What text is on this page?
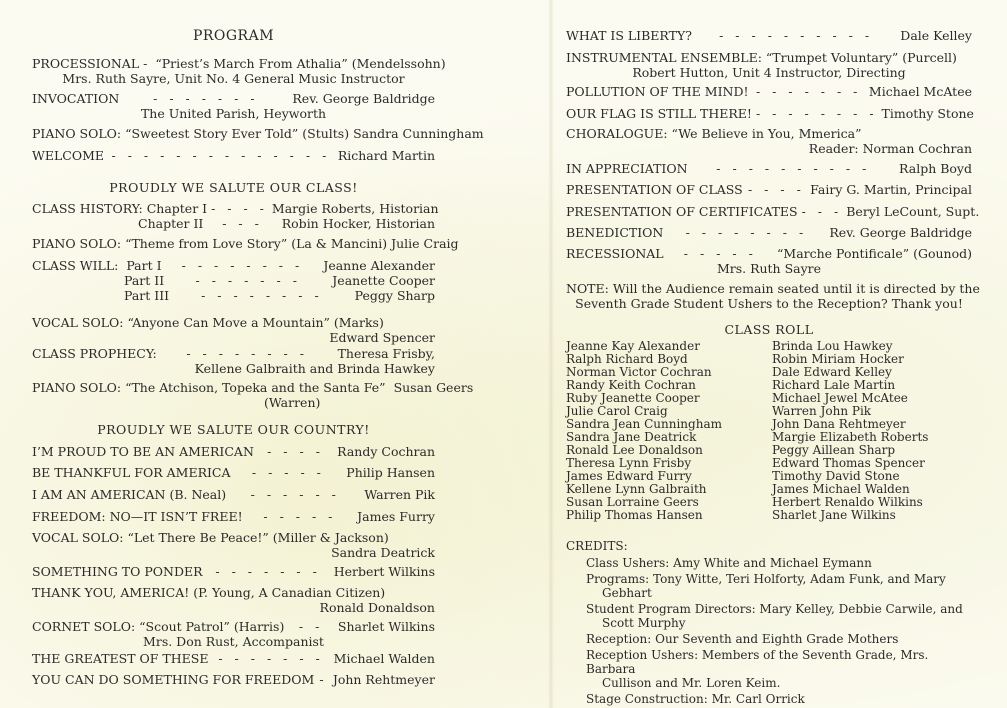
PROGRAM
PROCESSIONAL - “Priest’s March From Athalia” (Mendelssohn)
Mrs. Ruth Sayre, Unit No. 4 General Music Instructor
INVOCATION	- - - - - - -	Rev. George Baldridge
The United Parish, Heyworth
PIANO SOLO: “Sweetest Story Ever Told” (Stults) Sandra Cunningham
WELCOME - - - - - - - - - - - - - - Richard Martin
PROUDLY WE SALUTE OUR CLASS!
CLASS HISTORY:
Chapter I - - - - Margie Roberts, Historian
Chapter II	- - -	Robin Hocker, Historian
PIANO SOLO: “Theme from Love Story” (La & Mancini) Julie Craig
CLASS WILL:
Part I	- - - - - - - -	Jeanne Alexander
Part II	- - - - - - -	Jeanette Cooper
Part III	- - - - - - - -	Peggy Sharp
VOCAL SOLO: “Anyone Can Move a Mountain” (Marks)
Edward Spencer
CLASS PROPHECY:	- - - - - - - -	Theresa Frisby,
Kellene Galbraith and Brinda Hawkey
PIANO SOLO: “The Atchison, Topeka and the Santa Fe” Susan Geers
(Warren)
PROUDLY WE SALUTE OUR COUNTRY!
I’M PROUD TO BE AN AMERICAN	- - - -	Randy Cochran
BE THANKFUL FOR AMERICA	- - - - -	Philip Hansen
I AM AN AMERICAN (B. Neal)	- - - - - -	Warren Pik
FREEDOM: NO—IT ISN’T FREE!	- - - - -	James Furry
VOCAL SOLO: “Let There Be Peace!” (Miller & Jackson)
Sandra Deatrick
SOMETHING TO PONDER	- - - - - - -	Herbert Wilkins
THANK YOU, AMERICA! (P. Young, A Canadian Citizen)
Ronald Donaldson
CORNET SOLO: “Scout Patrol” (Harris)	- -	Sharlet Wilkins
Mrs. Don Rust, Accompanist
THE GREATEST OF THESE - - - - - - - Michael Walden
YOU CAN DO SOMETHING FOR FREEDOM - John Rehtmeyer
WHAT IS LIBERTY?	- - - - - - - - - -	Dale Kelley
INSTRUMENTAL ENSEMBLE: “Trumpet Voluntary” (Purcell)
Robert Hutton, Unit 4 Instructor, Directing
POLLUTION OF THE MIND! - - - - - - - Michael McAtee
OUR FLAG IS STILL THERE! - - - - - - - - Timothy Stone
CHORALOGUE: “We Believe in You, Mmerica”
Reader: Norman Cochran
IN APPRECIATION	- - - - - - - - - -	Ralph Boyd
PRESENTATION OF CLASS - - - - Fairy G. Martin, Principal
PRESENTATION OF CERTIFICATES - - - Beryl LeCount, Supt.
BENEDICTION	- - - - - - - -	Rev. George Baldridge
RECESSIONAL	- - - - -	“Marche Pontificale” (Gounod)
Mrs. Ruth Sayre
NOTE: Will the Audience remain seated until it is directed by the
Seventh Grade Student Ushers to the Reception? Thank you!
CLASS ROLL
Jeanne Kay Alexander
Ralph Richard Boyd
Norman Victor Cochran
Randy Keith Cochran
Ruby Jeanette Cooper
Julie Carol Craig
Sandra Jean Cunningham
Sandra Jane Deatrick
Ronald Lee Donaldson
Theresa Lynn Frisby
James Edward Furry
Kellene Lynn Galbraith
Susan Lorraine Geers
Philip Thomas Hansen
Brinda Lou Hawkey
Robin Miriam Hocker
Dale Edward Kelley
Richard Lale Martin
Michael Jewel McAtee
Warren John Pik
John Dana Rehtmeyer
Margie Elizabeth Roberts
Peggy Aillean Sharp
Edward Thomas Spencer
Timothy David Stone
James Michael Walden
Herbert Renaldo Wilkins
Sharlet Jane Wilkins
CREDITS:
Class Ushers: Amy White and Michael Eymann
Programs: Tony Witte, Teri Holforty, Adam Funk, and Mary
Gebhart
Student Program Directors: Mary Kelley, Debbie Carwile, and
Scott Murphy
Reception: Our Seventh and Eighth Grade Mothers
Reception Ushers: Members of the Seventh Grade, Mrs. Barbara
Cullison and Mr. Loren Keim.
Stage Construction: Mr. Carl Orrick
